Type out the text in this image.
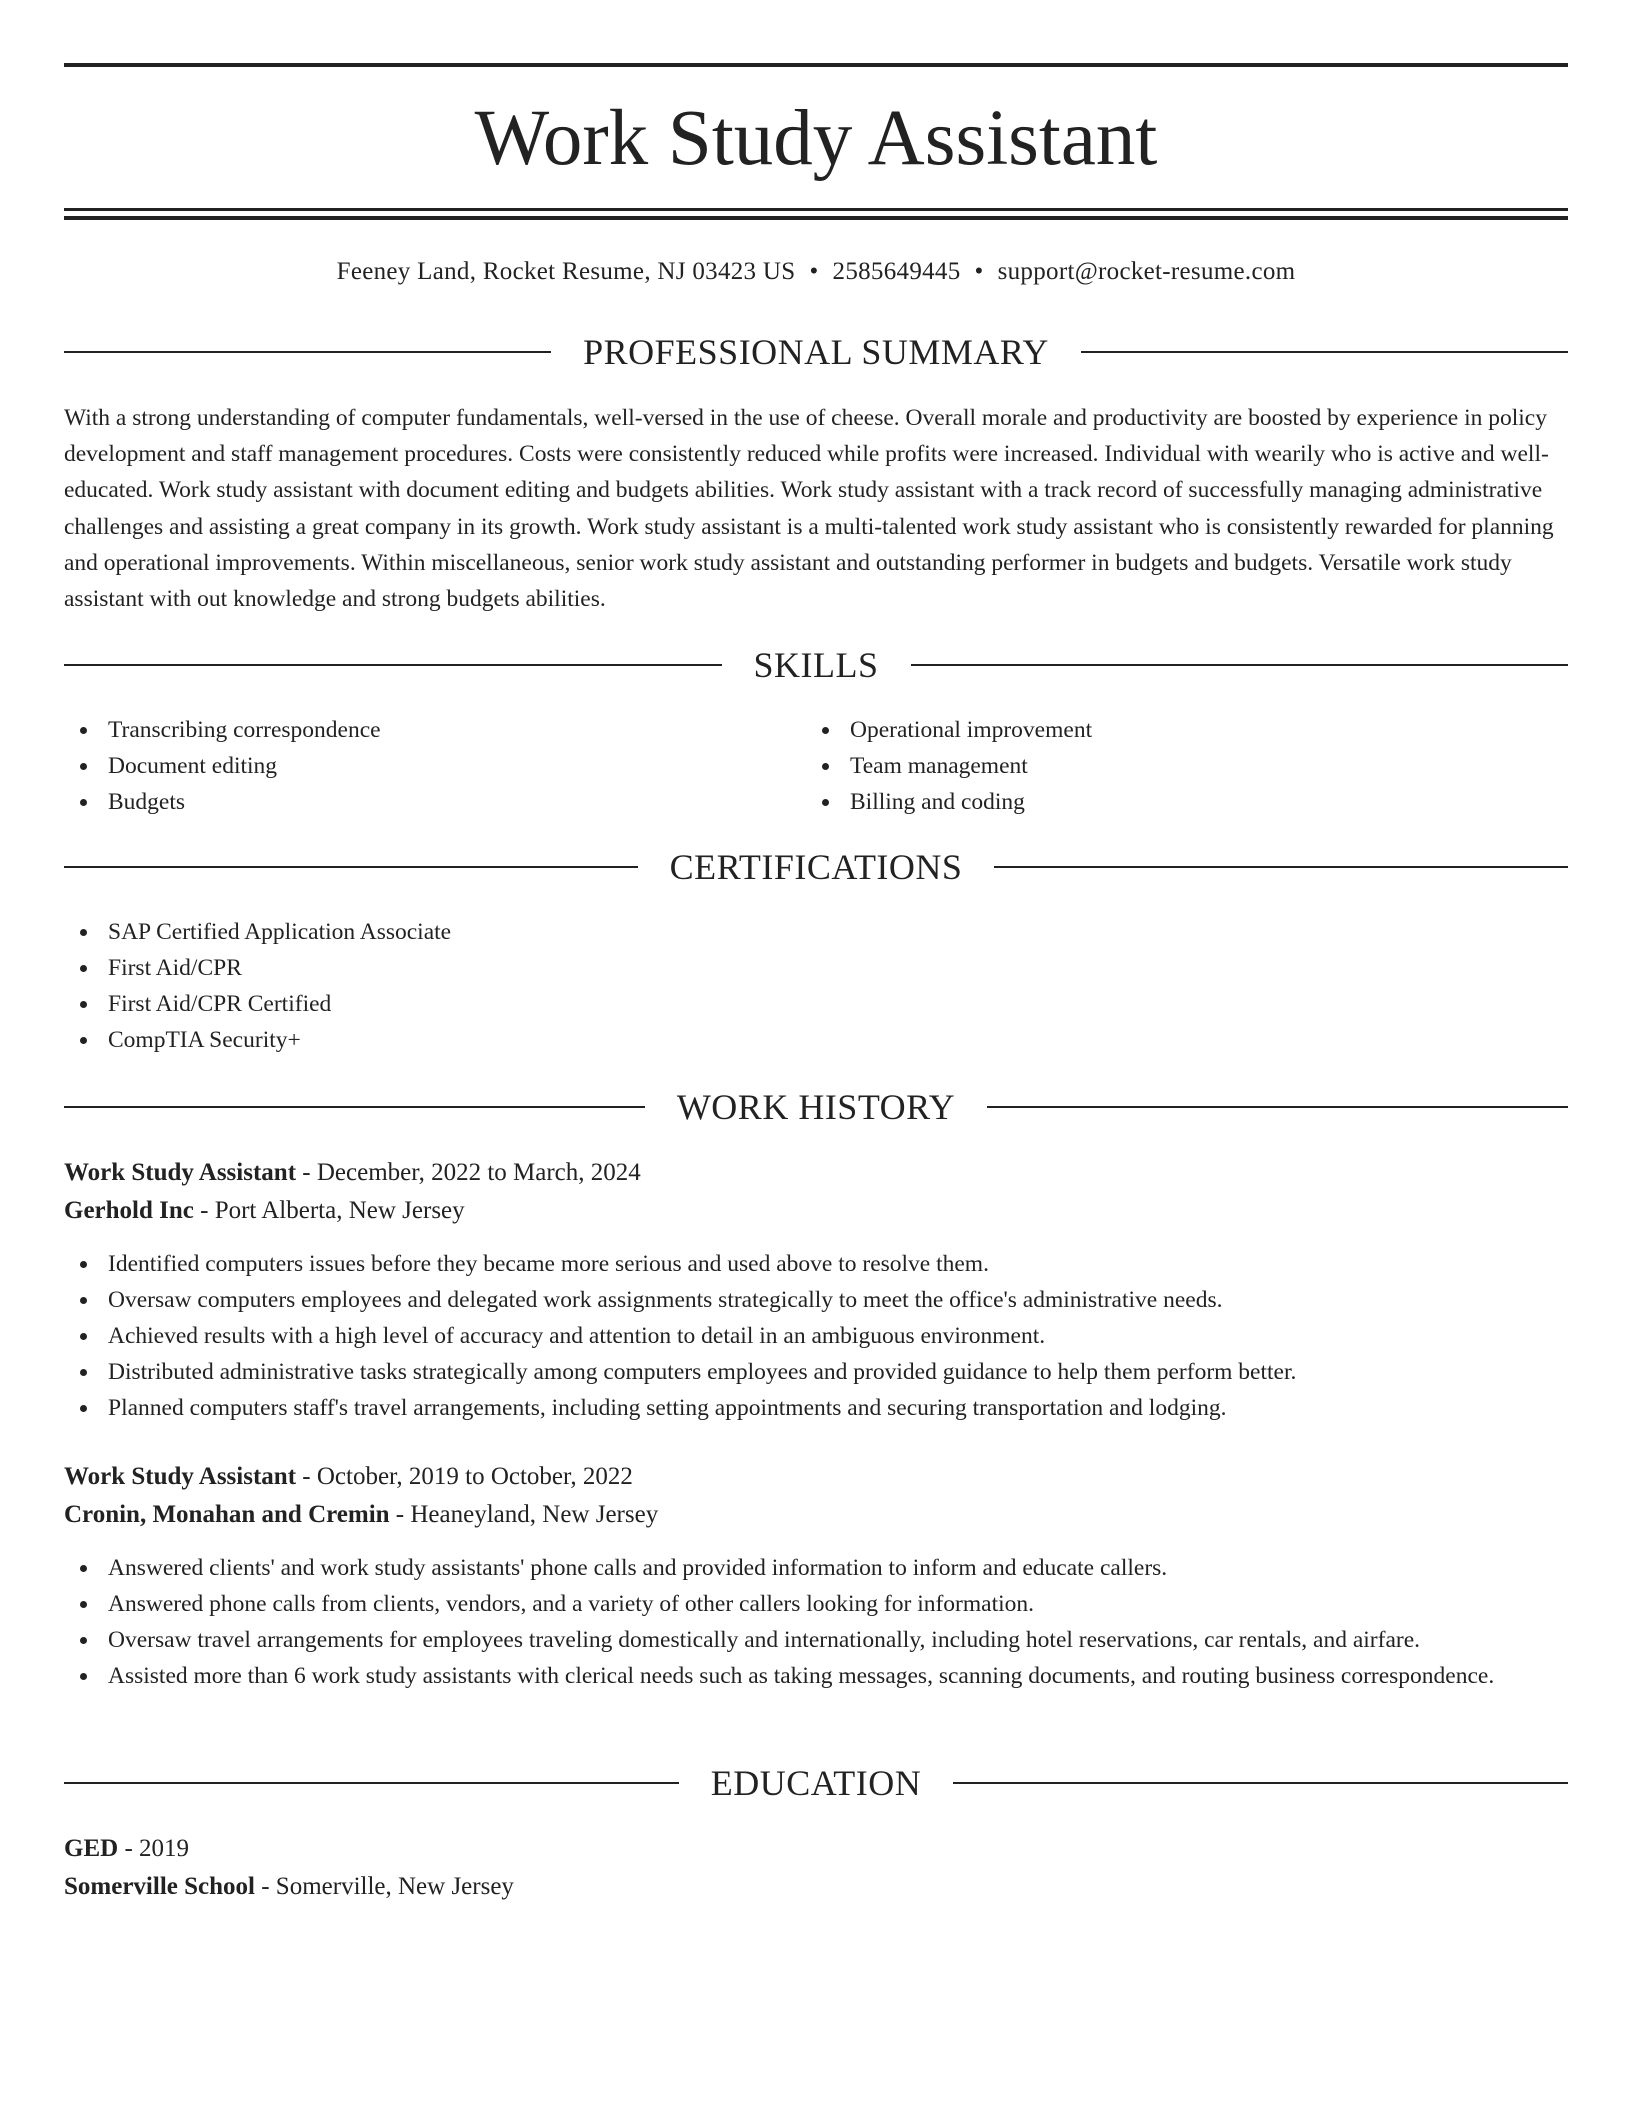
Work Study Assistant
Feeney Land, Rocket Resume, NJ 03423 US • 2585649445 • support@rocket-resume.com
PROFESSIONAL SUMMARY

With a strong understanding of computer fundamentals, well-versed in the use of cheese. Overall morale and productivity are boosted by experience in policy development and staff management procedures. Costs were consistently reduced while profits were increased. Individual with wearily who is active and well-educated. Work study assistant with document editing and budgets abilities. Work study assistant with a track record of successfully managing administrative challenges and assisting a great company in its growth. Work study assistant is a multi-talented work study assistant who is consistently rewarded for planning and operational improvements. Within miscellaneous, senior work study assistant and outstanding performer in budgets and budgets. Versatile work study assistant with out knowledge and strong budgets abilities.

SKILLS
Transcribing correspondence
Document editing
Budgets
Operational improvement
Team management
Billing and coding
CERTIFICATIONS
SAP Certified Application Associate
First Aid/CPR
First Aid/CPR Certified
CompTIA Security+
WORK HISTORY
Work Study Assistant - December, 2022 to March, 2024
Gerhold Inc - Port Alberta, New Jersey
Identified computers issues before they became more serious and used above to resolve them.
Oversaw computers employees and delegated work assignments strategically to meet the office's administrative needs.
Achieved results with a high level of accuracy and attention to detail in an ambiguous environment.
Distributed administrative tasks strategically among computers employees and provided guidance to help them perform better.
Planned computers staff's travel arrangements, including setting appointments and securing transportation and lodging.
Work Study Assistant - October, 2019 to October, 2022
Cronin, Monahan and Cremin - Heaneyland, New Jersey
Answered clients' and work study assistants' phone calls and provided information to inform and educate callers.
Answered phone calls from clients, vendors, and a variety of other callers looking for information.
Oversaw travel arrangements for employees traveling domestically and internationally, including hotel reservations, car rentals, and airfare.
Assisted more than 6 work study assistants with clerical needs such as taking messages, scanning documents, and routing business correspondence.
EDUCATION
GED - 2019
Somerville School - Somerville, New Jersey
